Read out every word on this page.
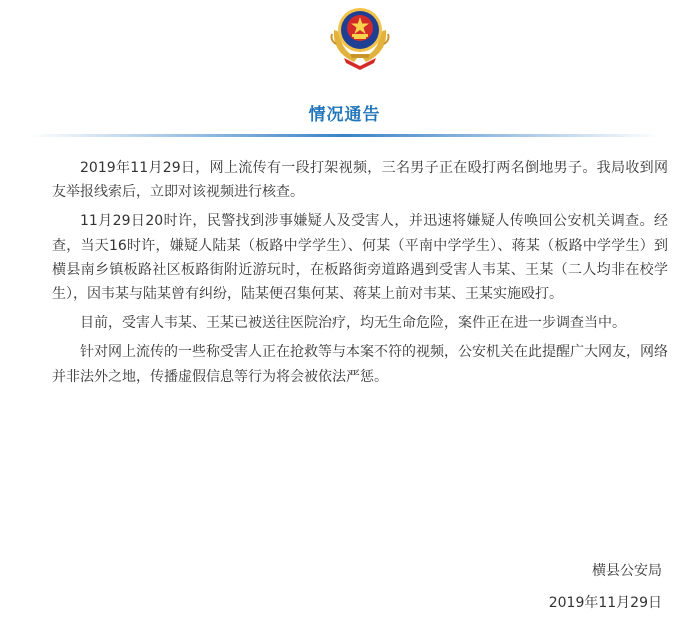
情况通告

2019年11月29日，网上流传有一段打架视频，三名男子正在殴打两名倒地男子。我局收到网友举报线索后，立即对该视频进行核查。

11月29日20时许，民警找到涉事嫌疑人及受害人，并迅速将嫌疑人传唤回公安机关调查。经查，当天16时许，嫌疑人陆某（板路中学学生）、何某（平南中学学生）、蒋某（板路中学学生）到横县南乡镇板路社区板路街附近游玩时，在板路街旁道路遇到受害人韦某、王某（二人均非在校学生），因韦某与陆某曾有纠纷，陆某便召集何某、蒋某上前对韦某、王某实施殴打。

目前，受害人韦某、王某已被送往医院治疗，均无生命危险，案件正在进一步调查当中。

针对网上流传的一些称受害人正在抢救等与本案不符的视频，公安机关在此提醒广大网友，网络并非法外之地，传播虚假信息等行为将会被依法严惩。

横县公安局
2019年11月29日
